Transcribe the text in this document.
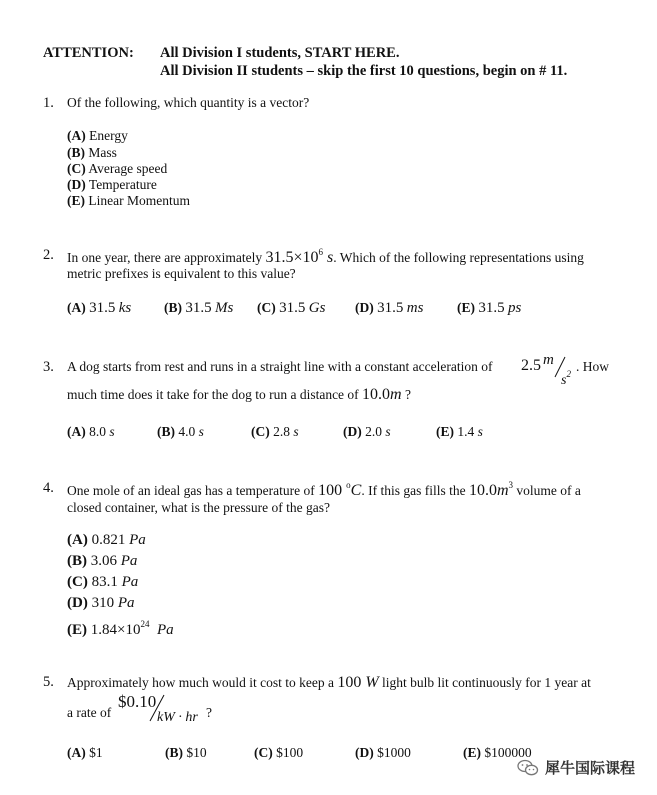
ATTENTION: All Division I students, START HERE.
All Division II students – skip the first 10 questions, begin on # 11.
1. Of the following, which quantity is a vector?
(A) Energy
(B) Mass
(C) Average speed
(D) Temperature
(E) Linear Momentum
2. In one year, there are approximately $31.5\times 10^6$ s. Which of the following representations using
metric prefixes is equivalent to this value?
(A) 31.5 ks (B) 31.5 Ms (C) 31.5 Gs (D) 31.5 ms (E) 31.5 ps
3. A dog starts from rest and runs in a straight line with a constant acceleration of 2.5 m
$s^2$ . How
much time does it take for the dog to run a distance of 10.0m ?
(A) 8.0 s	(B) 4.0 s	(C) 2.8 s	(D) 2.0 s	(E) 1.4 s
4. One mole of an ideal gas has a temperature of 100 $^o$C. If this gas fills the $10.0m^3$ volume of a
closed container, what is the pressure of the gas?
(A) 0.821 Pa
(B) 3.06 Pa
(C) 83.1 Pa
(D) 310 Pa
(E) $1.84\times 10^{24}$ Pa
5. Approximately how much would it cost to keep a 100 W light bulb lit continuously for 1 year at
a rate of
$0.10
kW · hr ?
(A) $1	(B) $10	(C) $100	(D) $1000	(E) $100000
犀牛国际课程
